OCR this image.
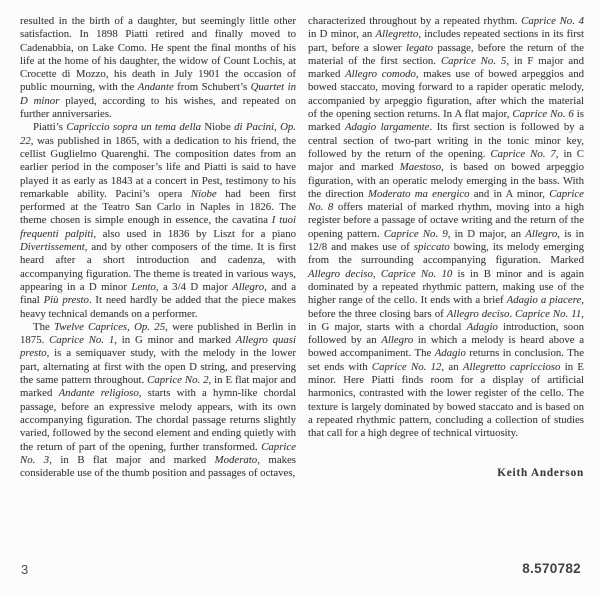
resulted in the birth of a daughter, but seemingly little other satisfaction. In 1898 Piatti retired and finally moved to Cadenabbia, on Lake Como. He spent the final months of his life at the home of his daughter, the widow of Count Lochis, at Crocette di Mozzo, his death in July 1901 the occasion of public mourning, with the Andante from Schubert’s Quartet in D minor played, according to his wishes, and repeated on further anniversaries.

Piatti’s Capriccio sopra un tema della Niobe di Pacini, Op. 22, was published in 1865, with a dedication to his friend, the cellist Guglielmo Quarenghi. The composition dates from an earlier period in the composer’s life and Piatti is said to have played it as early as 1843 at a concert in Pest, testimony to his remarkable ability. Pacini’s opera Niobe had been first performed at the Teatro San Carlo in Naples in 1826. The theme chosen is simple enough in essence, the cavatina I tuoi frequenti palpiti, also used in 1836 by Liszt for a piano Divertissement, and by other composers of the time. It is first heard after a short introduction and cadenza, with accompanying figuration. The theme is treated in various ways, appearing in a D minor Lento, a 3/4 D major Allegro, and a final Più presto. It need hardly be added that the piece makes heavy technical demands on a performer.

The Twelve Caprices, Op. 25, were published in Berlin in 1875. Caprice No. 1, in G minor and marked Allegro quasi presto, is a semiquaver study, with the melody in the lower part, alternating at first with the open D string, and preserving the same pattern throughout. Caprice No. 2, in E flat major and marked Andante religioso, starts with a hymn-like chordal passage, before an expressive melody appears, with its own accompanying figuration. The chordal passage returns slightly varied, followed by the second element and ending quietly with the return of part of the opening, further transformed. Caprice No. 3, in B flat major and marked Moderato, makes considerable use of the thumb position and passages of octaves,

characterized throughout by a repeated rhythm. Caprice No. 4 in D minor, an Allegretto, includes repeated sections in its first part, before a slower legato passage, before the return of the material of the first section. Caprice No. 5, in F major and marked Allegro comodo, makes use of bowed arpeggios and bowed staccato, moving forward to a rapider operatic melody, accompanied by arpeggio figuration, after which the material of the opening section returns. In A flat major, Caprice No. 6 is marked Adagio largamente. Its first section is followed by a central section of two-part writing in the tonic minor key, followed by the return of the opening. Caprice No. 7, in C major and marked Maestoso, is based on bowed arpeggio figuration, with an operatic melody emerging in the bass. With the direction Moderato ma energico and in A minor, Caprice No. 8 offers material of marked rhythm, moving into a high register before a passage of octave writing and the return of the opening pattern. Caprice No. 9, in D major, an Allegro, is in 12/8 and makes use of spiccato bowing, its melody emerging from the surrounding accompanying figuration. Marked Allegro deciso, Caprice No. 10 is in B minor and is again dominated by a repeated rhythmic pattern, making use of the higher range of the cello. It ends with a brief Adagio a piacere, before the three closing bars of Allegro deciso. Caprice No. 11, in G major, starts with a chordal Adagio introduction, soon followed by an Allegro in which a melody is heard above a bowed accompaniment. The Adagio returns in conclusion. The set ends with Caprice No. 12, an Allegretto capriccioso in E minor. Here Piatti finds room for a display of artificial harmonics, contrasted with the lower register of the cello. The texture is largely dominated by bowed staccato and is based on a repeated rhythmic pattern, concluding a collection of studies that call for a high degree of technical virtuosity.

Keith Anderson
3	8.570782
